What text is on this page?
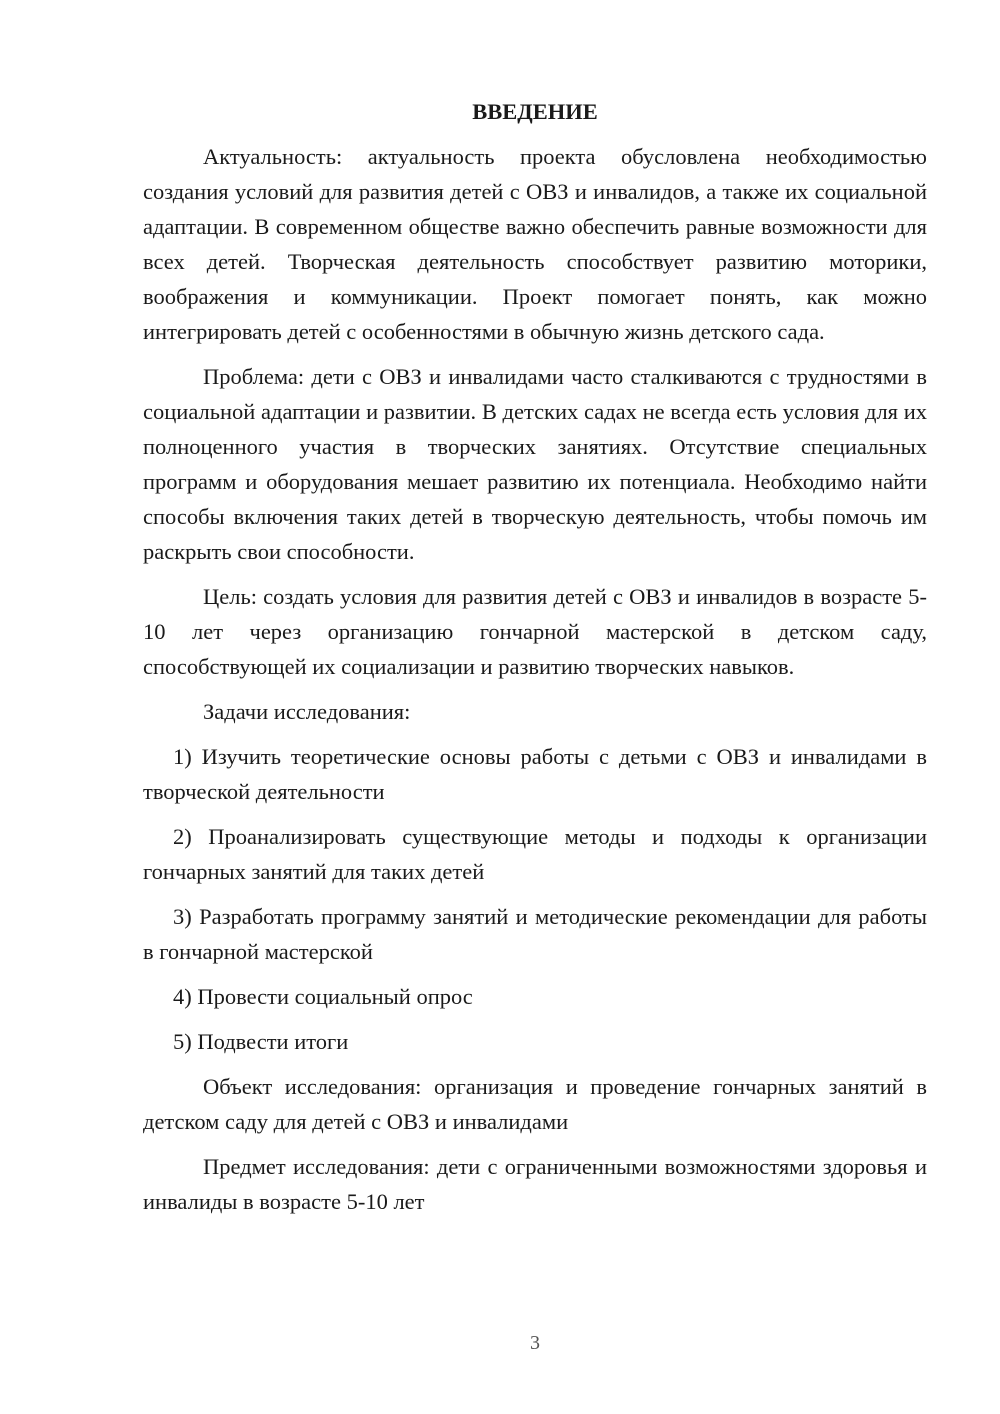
ВВЕДЕНИЕ

Актуальность: актуальность проекта обусловлена необходимостью создания условий для развития детей с ОВЗ и инвалидов, а также их социальной адаптации. В современном обществе важно обеспечить равные возможности для всех детей. Творческая деятельность способствует развитию моторики, воображения и коммуникации. Проект помогает понять, как можно интегрировать детей с особенностями в обычную жизнь детского сада.

Проблема: дети с ОВЗ и инвалидами часто сталкиваются с трудностями в социальной адаптации и развитии. В детских садах не всегда есть условия для их полноценного участия в творческих занятиях. Отсутствие специальных программ и оборудования мешает развитию их потенциала. Необходимо найти способы включения таких детей в творческую деятельность, чтобы помочь им раскрыть свои способности.

Цель: создать условия для развития детей с ОВЗ и инвалидов в возрасте 5-10 лет через организацию гончарной мастерской в детском саду, способствующей их социализации и развитию творческих навыков.

Задачи исследования:

1) Изучить теоретические основы работы с детьми с ОВЗ и инвалидами в творческой деятельности

2) Проанализировать существующие методы и подходы к организации гончарных занятий для таких детей

3) Разработать программу занятий и методические рекомендации для работы в гончарной мастерской

4) Провести социальный опрос

5) Подвести итоги

Объект исследования: организация и проведение гончарных занятий в детском саду для детей с ОВЗ и инвалидами

Предмет исследования: дети с ограниченными возможностями здоровья и инвалиды в возрасте 5-10 лет

3
